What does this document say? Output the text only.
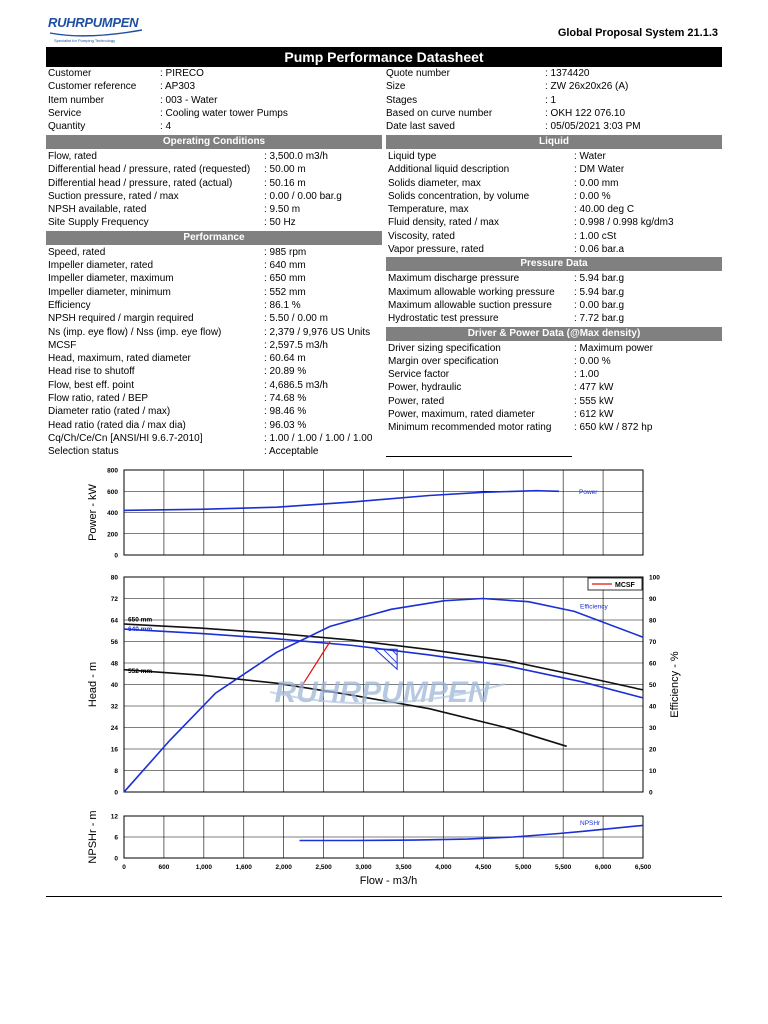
RUHRPUMPEN
Specialist for Pumping Technology
Global Proposal System 21.1.3
Pump Performance Datasheet
Customer	: PIRECO
Customer reference : AP303
Item number	: 003 - Water
Service	: Cooling water tower Pumps
Quantity	: 4
Quote number	: 1374420
Size	: ZW 26x20x26 (A)
Stages	: 1
Based on curve number	: OKH 122 076.10
Date last saved	: 05/05/2021 3:03 PM
Operating Conditions
Flow, rated	: 3,500.0 m3/h
Differential head / pressure, rated (requested) : 50.00 m
Differential head / pressure, rated (actual)	: 50.16 m
Suction pressure, rated / max	: 0.00 / 0.00 bar.g
NPSH available, rated	: 9.50 m
Site Supply Frequency	: 50 Hz
Performance
Speed, rated	: 985 rpm
Impeller diameter, rated	: 640 mm
Impeller diameter, maximum	: 650 mm
Impeller diameter, minimum	: 552 mm
Efficiency	: 86.1 %
NPSH required / margin required	: 5.50 / 0.00 m
Ns (imp. eye flow) / Nss (imp. eye flow)	: 2,379 / 9,976 US Units
MCSF	: 2,597.5 m3/h
Head, maximum, rated diameter	: 60.64 m
Head rise to shutoff	: 20.89 %
Flow, best eff. point	: 4,686.5 m3/h
Flow ratio, rated / BEP	: 74.68 %
Diameter ratio (rated / max)	: 98.46 %
Head ratio (rated dia / max dia)	: 96.03 %
Cq/Ch/Ce/Cn [ANSI/HI 9.6.7-2010]	: 1.00 / 1.00 / 1.00 / 1.00
Selection status	: Acceptable
Liquid
Liquid type	: Water
Additional liquid description	: DM Water
Solids diameter, max	: 0.00 mm
Solids concentration, by volume	: 0.00 %
Temperature, max	: 40.00 deg C
Fluid density, rated / max	: 0.998 / 0.998 kg/dm3
Viscosity, rated	: 1.00 cSt
Vapor pressure, rated	: 0.06 bar.a
Pressure Data
Maximum discharge pressure	: 5.94 bar.g
Maximum allowable working pressure : 5.94 bar.g
Maximum allowable suction pressure : 0.00 bar.g
Hydrostatic test pressure	: 7.72 bar.g
Driver & Power Data (@Max density)
Driver sizing specification	: Maximum power
Margin over specification	: 0.00 %
Service factor	: 1.00
Power, hydraulic	: 477 kW
Power, rated	: 555 kW
Power, maximum, rated diameter	: 612 kW
Minimum recommended motor rating : 650 kW / 872 hp
0
200
400
600
800
Power - kW	Power
0
8
16
24
32
40
48
56
64
72
80
0
10
20
30
40
50
60
70
80
90
100
Head - m	Efficiency - %
650 mm
640 mm
552 mm
Efficiency
MCSF
RUHRPUMPEN
0
6
12
NPSHr - m
0	600	1,000	1,600	2,000	2,500	3,000	3,500	4,000	4,500	5,000	5,500	6,000	6,500
Flow - m3/h
NPSHr
